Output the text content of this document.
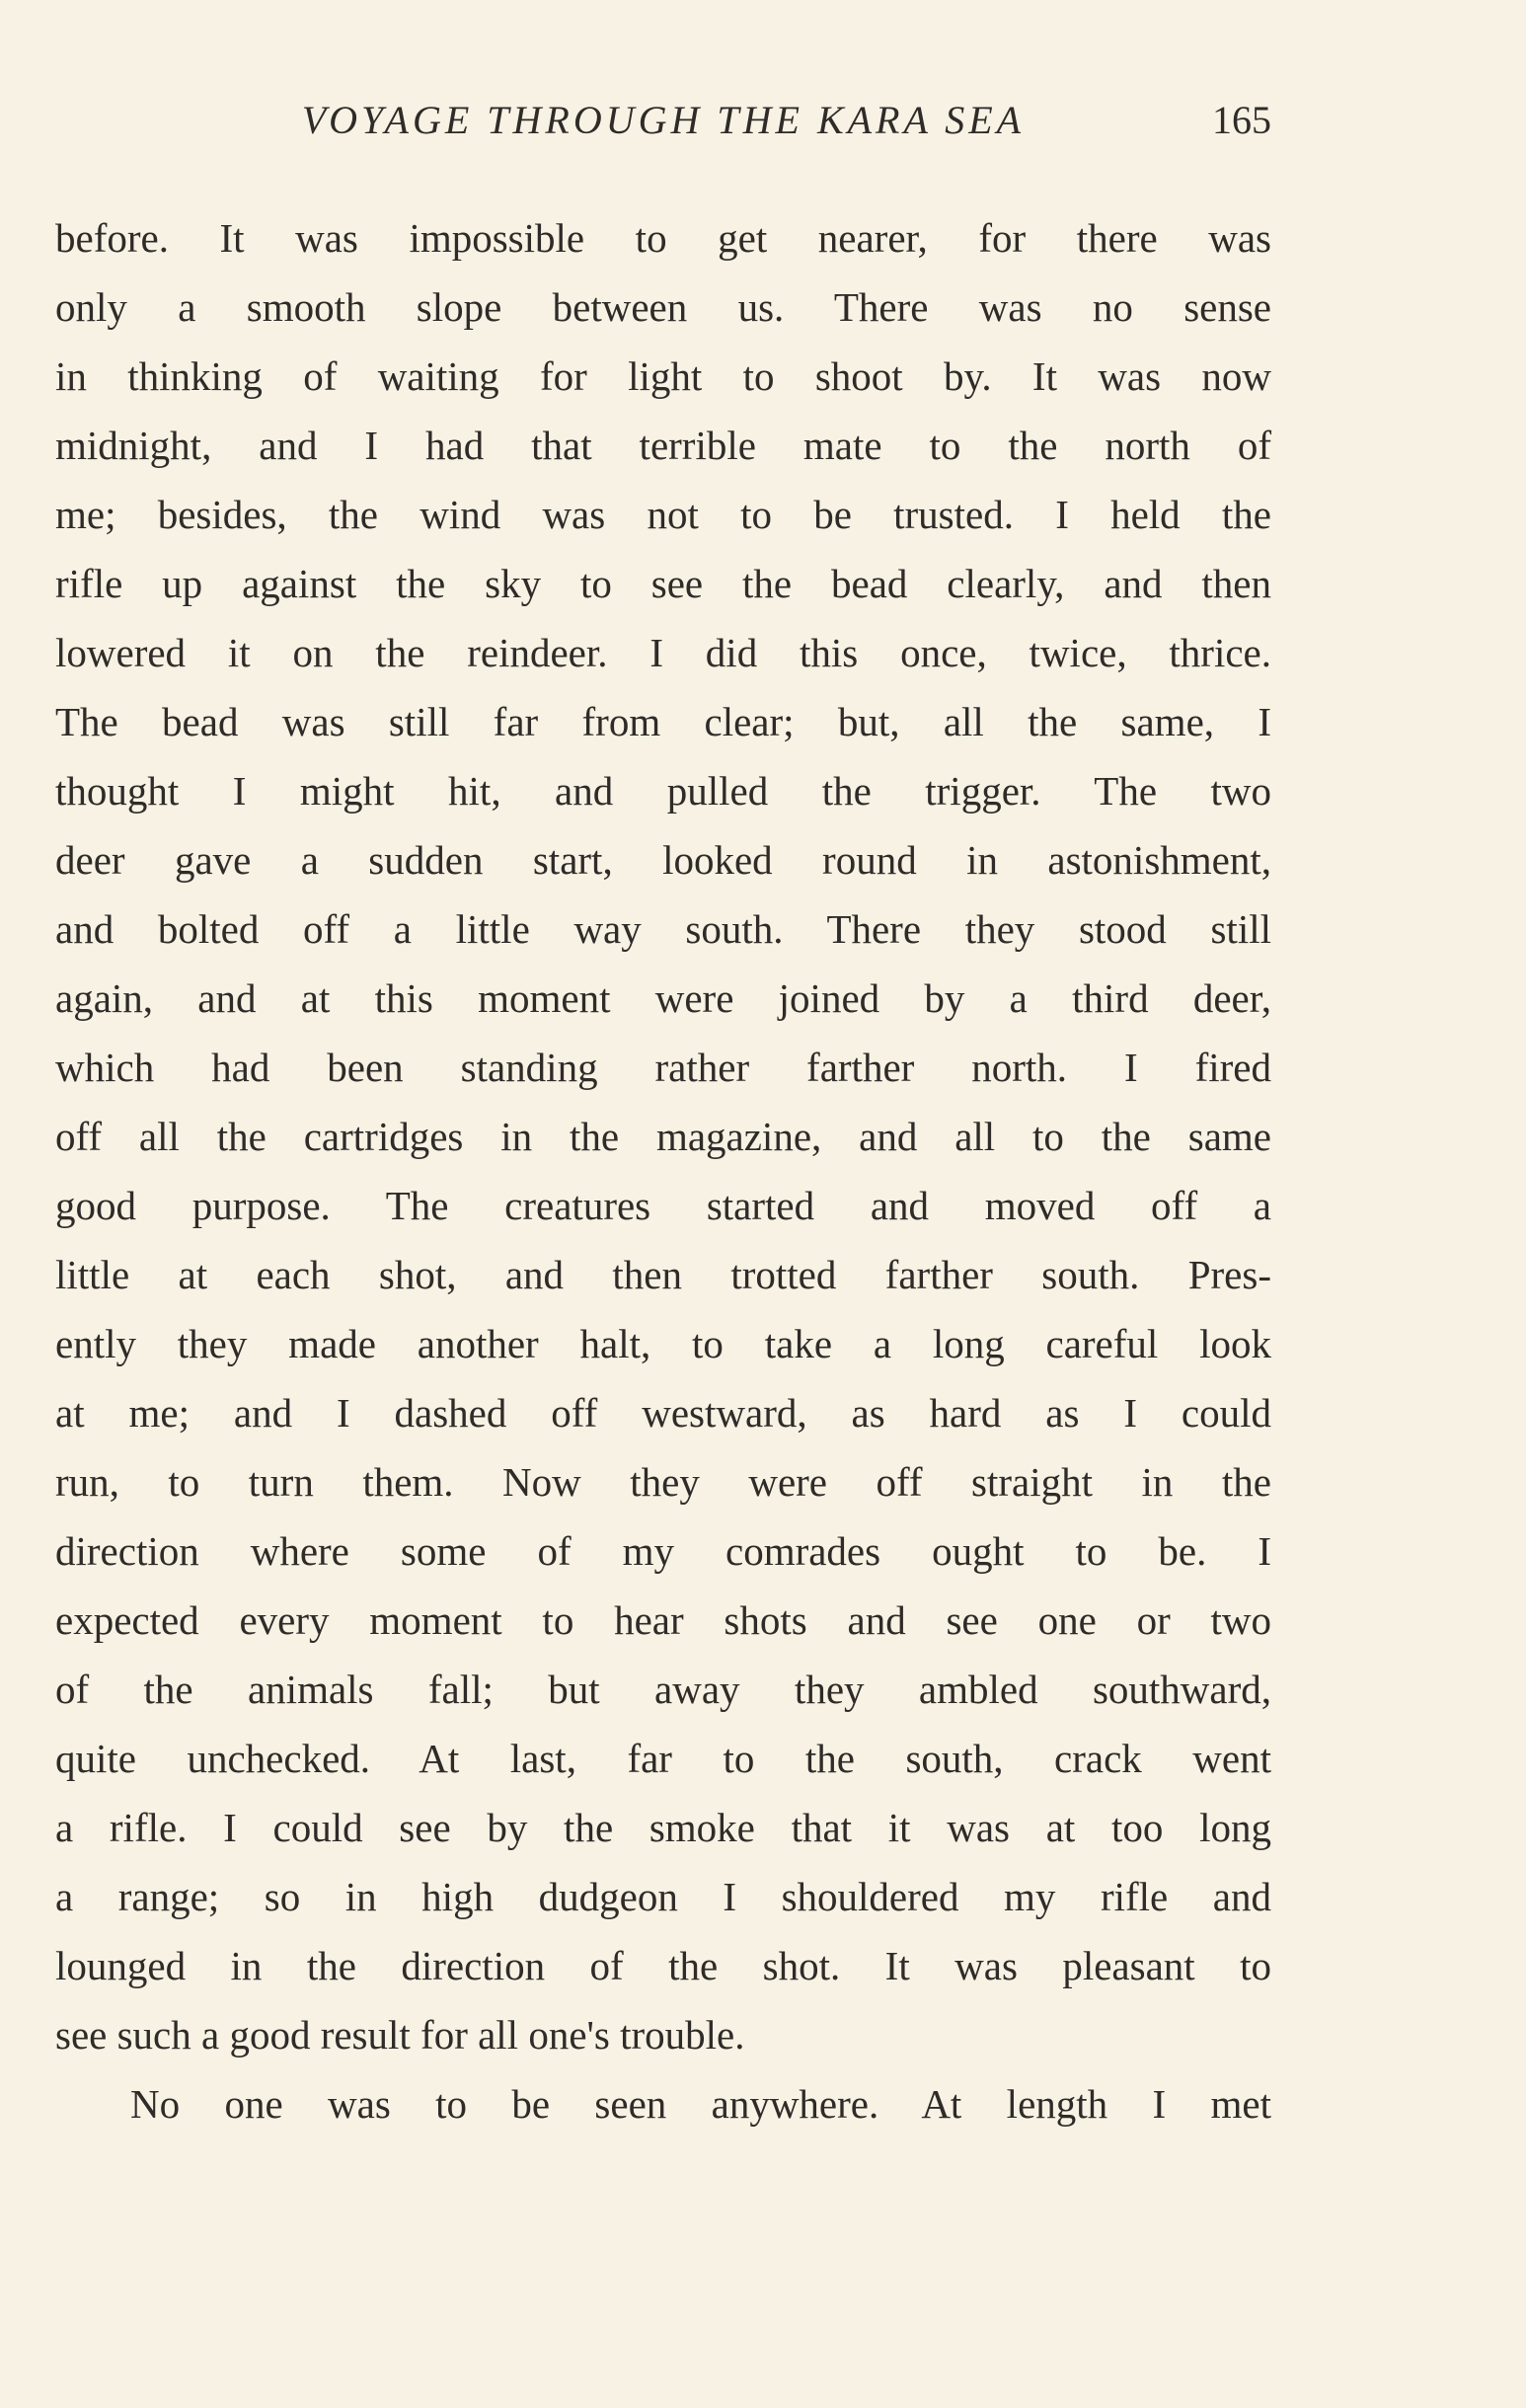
VOYAGE THROUGH THE KARA SEA	165
before. It was impossible to get nearer, for there was
only a smooth slope between us. There was no sense
in thinking of waiting for light to shoot by. It was now
midnight, and I had that terrible mate to the north of
me; besides, the wind was not to be trusted. I held the
rifle up against the sky to see the bead clearly, and then
lowered it on the reindeer. I did this once, twice, thrice.
The bead was still far from clear; but, all the same, I
thought I might hit, and pulled the trigger. The two
deer gave a sudden start, looked round in astonishment,
and bolted off a little way south. There they stood still
again, and at this moment were joined by a third deer,
which had been standing rather farther north. I fired
off all the cartridges in the magazine, and all to the same
good purpose. The creatures started and moved off a
little at each shot, and then trotted farther south. Pres-
ently they made another halt, to take a long careful look
at me; and I dashed off westward, as hard as I could
run, to turn them. Now they were off straight in the
direction where some of my comrades ought to be. I
expected every moment to hear shots and see one or two
of the animals fall; but away they ambled southward,
quite unchecked. At last, far to the south, crack went
a rifle. I could see by the smoke that it was at too long
a range; so in high dudgeon I shouldered my rifle and
lounged in the direction of the shot. It was pleasant to
see such a good result for all one's trouble.
No one was to be seen anywhere. At length I met
